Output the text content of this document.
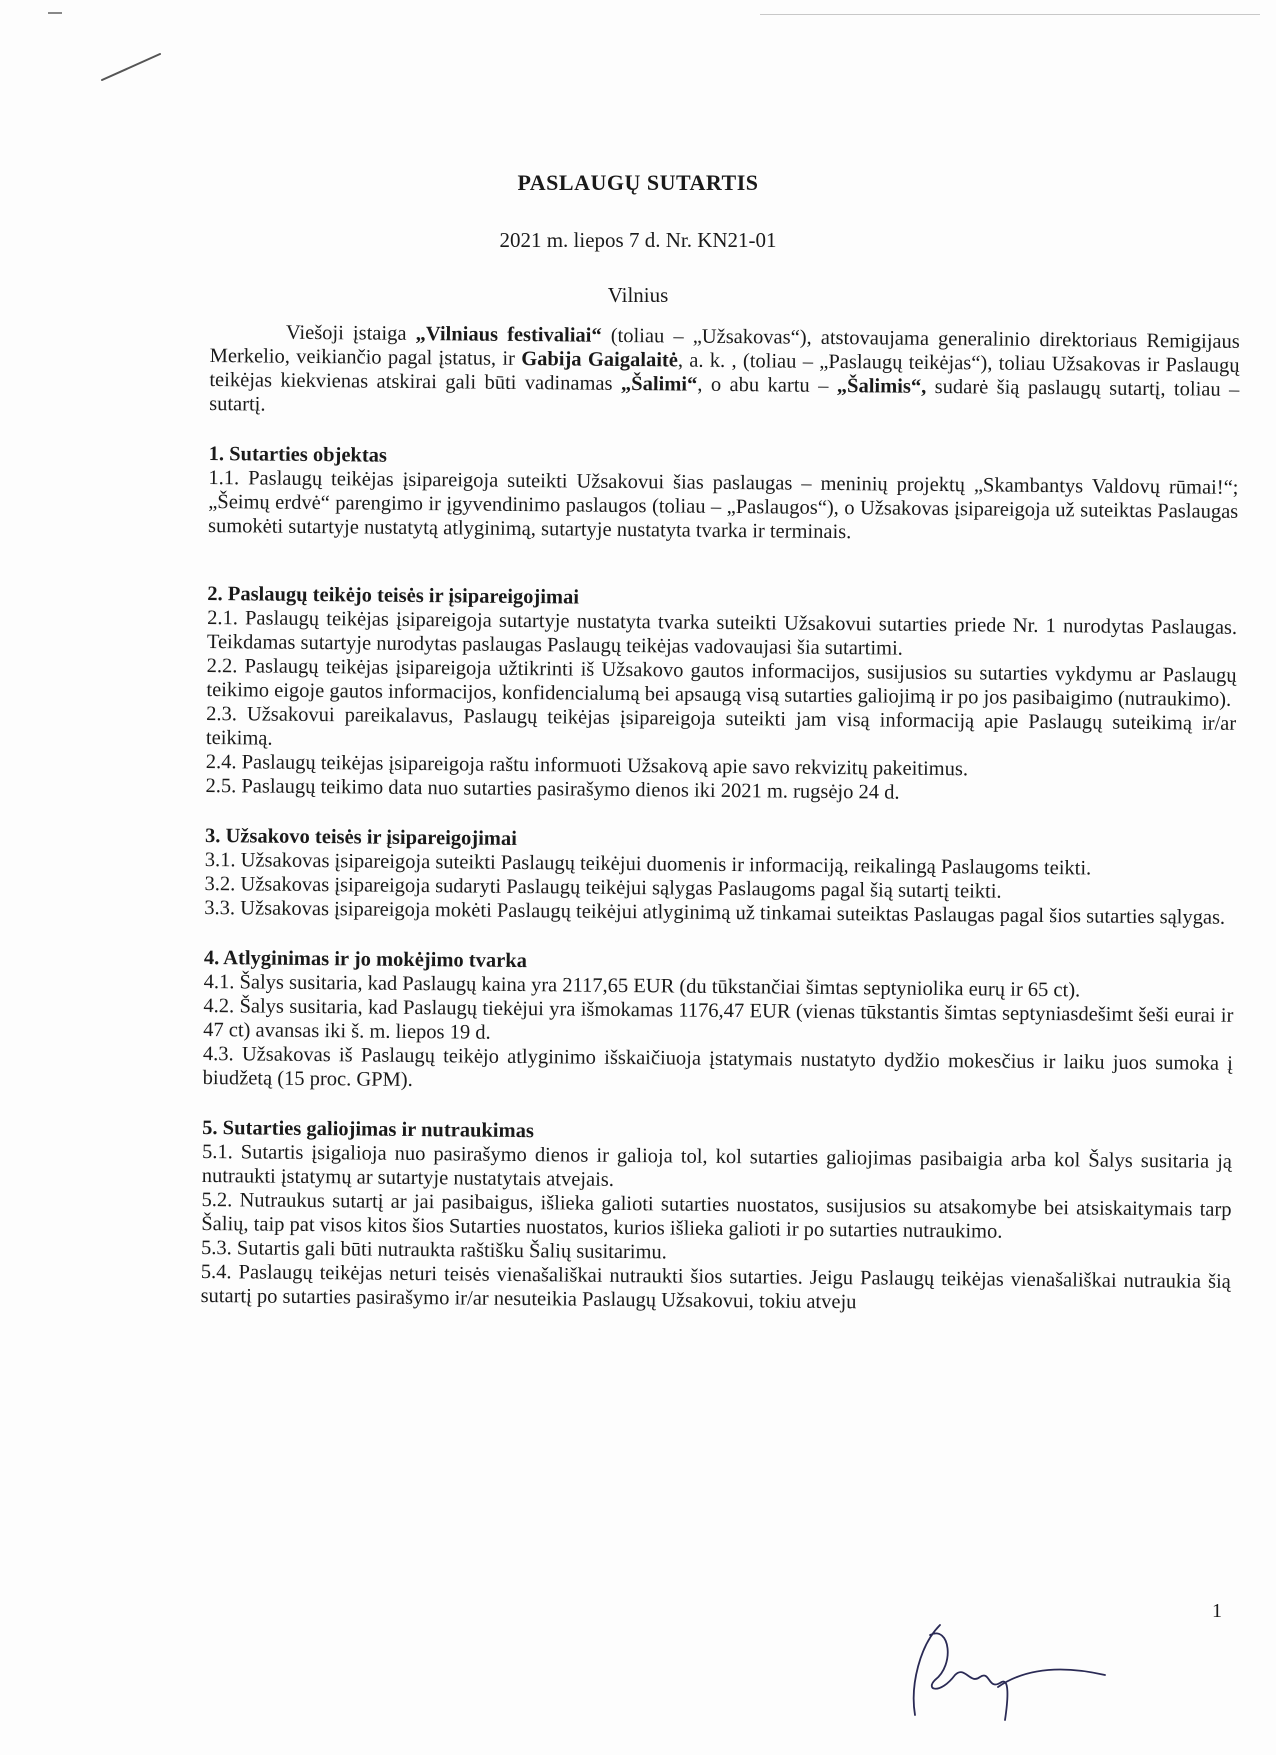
PASLAUGŲ SUTARTIS
2021 m. liepos 7 d. Nr. KN21-01
Vilnius

Viešoji įstaiga „Vilniaus festivaliai“ (toliau – „Užsakovas“), atstovaujama generalinio direktoriaus Remigijaus Merkelio, veikiančio pagal įstatus, ir Gabija Gaigalaitė, a. k. , (toliau – „Paslaugų teikėjas“), toliau Užsakovas ir Paslaugų teikėjas kiekvienas atskirai gali būti vadinamas „Šalimi“, o abu kartu – „Šalimis“, sudarė šią paslaugų sutartį, toliau – sutartį.

1. Sutarties objektas

1.1. Paslaugų teikėjas įsipareigoja suteikti Užsakovui šias paslaugas – meninių projektų „Skambantys Valdovų rūmai!“; „Šeimų erdvė“ parengimo ir įgyvendinimo paslaugos (toliau – „Paslaugos“), o Užsakovas įsipareigoja už suteiktas Paslaugas sumokėti sutartyje nustatytą atlyginimą, sutartyje nustatyta tvarka ir terminais.

2. Paslaugų teikėjo teisės ir įsipareigojimai

2.1. Paslaugų teikėjas įsipareigoja sutartyje nustatyta tvarka suteikti Užsakovui sutarties priede Nr. 1 nurodytas Paslaugas. Teikdamas sutartyje nurodytas paslaugas Paslaugų teikėjas vadovaujasi šia sutartimi.

2.2. Paslaugų teikėjas įsipareigoja užtikrinti iš Užsakovo gautos informacijos, susijusios su sutarties vykdymu ar Paslaugų teikimo eigoje gautos informacijos, konfidencialumą bei apsaugą visą sutarties galiojimą ir po jos pasibaigimo (nutraukimo).

2.3. Užsakovui pareikalavus, Paslaugų teikėjas įsipareigoja suteikti jam visą informaciją apie Paslaugų suteikimą ir/ar teikimą.

2.4. Paslaugų teikėjas įsipareigoja raštu informuoti Užsakovą apie savo rekvizitų pakeitimus.

2.5. Paslaugų teikimo data nuo sutarties pasirašymo dienos iki 2021 m. rugsėjo 24 d.

3. Užsakovo teisės ir įsipareigojimai

3.1. Užsakovas įsipareigoja suteikti Paslaugų teikėjui duomenis ir informaciją, reikalingą Paslaugoms teikti.

3.2. Užsakovas įsipareigoja sudaryti Paslaugų teikėjui sąlygas Paslaugoms pagal šią sutartį teikti.

3.3. Užsakovas įsipareigoja mokėti Paslaugų teikėjui atlyginimą už tinkamai suteiktas Paslaugas pagal šios sutarties sąlygas.

4. Atlyginimas ir jo mokėjimo tvarka

4.1. Šalys susitaria, kad Paslaugų kaina yra 2117,65 EUR (du tūkstančiai šimtas septyniolika eurų ir 65 ct).

4.2. Šalys susitaria, kad Paslaugų tiekėjui yra išmokamas 1176,47 EUR (vienas tūkstantis šimtas septyniasdešimt šeši eurai ir 47 ct) avansas iki š. m. liepos 19 d.

4.3. Užsakovas iš Paslaugų teikėjo atlyginimo išskaičiuoja įstatymais nustatyto dydžio mokesčius ir laiku juos sumoka į biudžetą (15 proc. GPM).

5. Sutarties galiojimas ir nutraukimas

5.1. Sutartis įsigalioja nuo pasirašymo dienos ir galioja tol, kol sutarties galiojimas pasibaigia arba kol Šalys susitaria ją nutraukti įstatymų ar sutartyje nustatytais atvejais.

5.2. Nutraukus sutartį ar jai pasibaigus, išlieka galioti sutarties nuostatos, susijusios su atsakomybe bei atsiskaitymais tarp Šalių, taip pat visos kitos šios Sutarties nuostatos, kurios išlieka galioti ir po sutarties nutraukimo.

5.3. Sutartis gali būti nutraukta raštišku Šalių susitarimu.

5.4. Paslaugų teikėjas neturi teisės vienašališkai nutraukti šios sutarties. Jeigu Paslaugų teikėjas vienašališkai nutraukia šią sutartį po sutarties pasirašymo ir/ar nesuteikia Paslaugų Užsakovui, tokiu atveju

1
